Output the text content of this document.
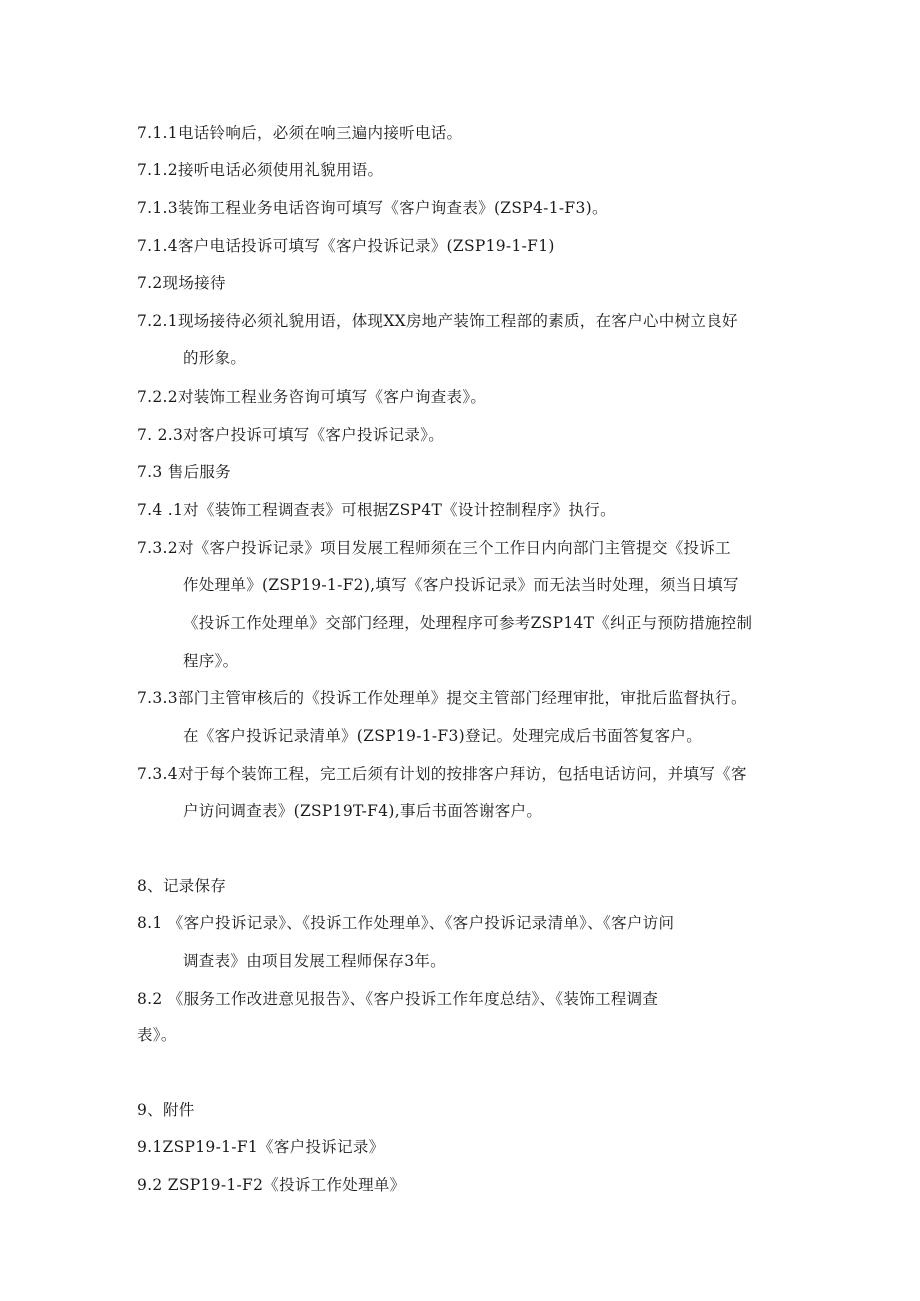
7.1.1电话铃响后，必须在响三遍内接听电话。
7.1.2接听电话必须使用礼貌用语。
7.1.3装饰工程业务电话咨询可填写《客户询查表》(ZSP4-1-F3)。
7.1.4客户电话投诉可填写《客户投诉记录》(ZSP19-1-F1)
7.2现场接待
7.2.1现场接待必须礼貌用语，体现XX房地产装饰工程部的素质，在客户心中树立良好
的形象。
7.2.2对装饰工程业务咨询可填写《客户询查表》。
7. 2.3对客户投诉可填写《客户投诉记录》。
7.3 售后服务
7.4 .1对《装饰工程调查表》可根据ZSP4T《设计控制程序》执行。
7.3.2对《客户投诉记录》项目发展工程师须在三个工作日内向部门主管提交《投诉工
作处理单》(ZSP19-1-F2),填写《客户投诉记录》而无法当时处理，须当日填写
《投诉工作处理单》交部门经理，处理程序可参考ZSP14T《纠正与预防措施控制
程序》。
7.3.3部门主管审核后的《投诉工作处理单》提交主管部门经理审批，审批后监督执行。
在《客户投诉记录清单》(ZSP19-1-F3)登记。处理完成后书面答复客户。
7.3.4对于每个装饰工程，完工后须有计划的按排客户拜访，包括电话访问，并填写《客
户访问调查表》(ZSP19T-F4),事后书面答谢客户。
8、记录保存
8.1 《客户投诉记录》、《投诉工作处理单》、《客户投诉记录清单》、《客户访问
调查表》由项目发展工程师保存3年。
8.2 《服务工作改进意见报告》、《客户投诉工作年度总结》、《装饰工程调查
表》。
9、附件
9.1ZSP19-1-F1《客户投诉记录》
9.2 ZSP19-1-F2《投诉工作处理单》
